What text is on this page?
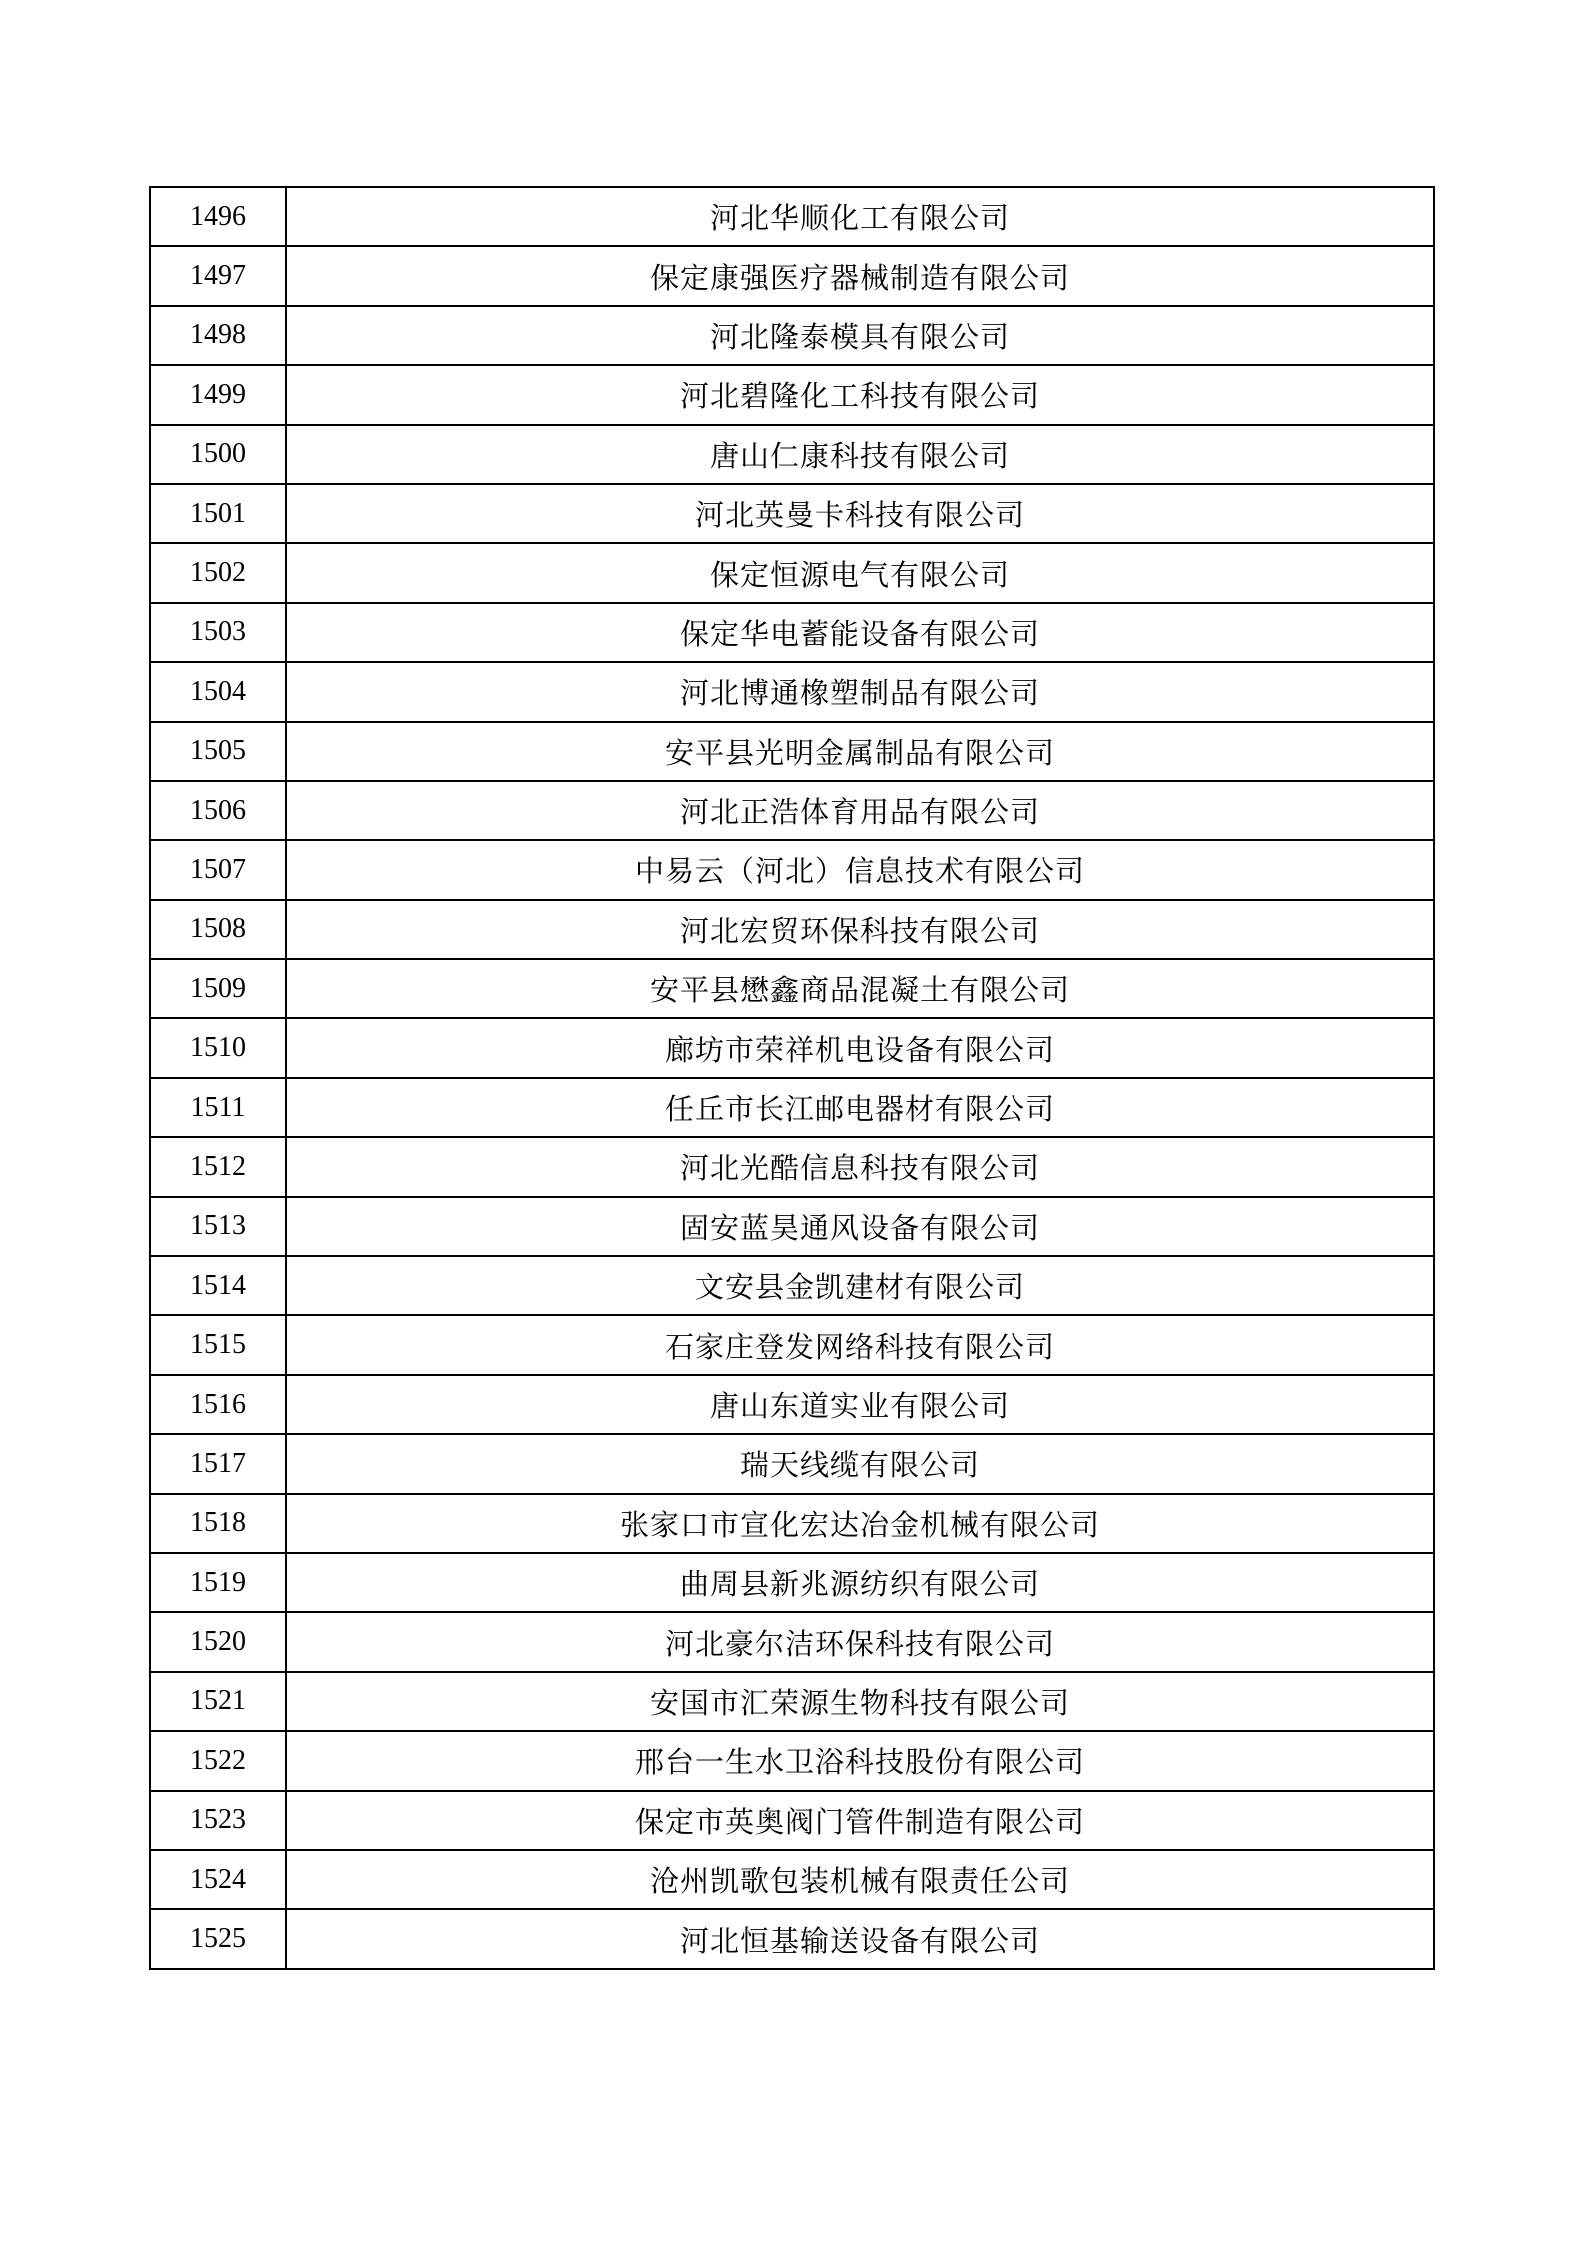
1496	河北华顺化工有限公司
1497	保定康强医疗器械制造有限公司
1498	河北隆泰模具有限公司
1499	河北碧隆化工科技有限公司
1500	唐山仁康科技有限公司
1501	河北英曼卡科技有限公司
1502	保定恒源电气有限公司
1503	保定华电蓄能设备有限公司
1504	河北博通橡塑制品有限公司
1505	安平县光明金属制品有限公司
1506	河北正浩体育用品有限公司
1507	中易云（河北）信息技术有限公司
1508	河北宏贸环保科技有限公司
1509	安平县懋鑫商品混凝土有限公司
1510	廊坊市荣祥机电设备有限公司
1511	任丘市长江邮电器材有限公司
1512	河北光酷信息科技有限公司
1513	固安蓝昊通风设备有限公司
1514	文安县金凯建材有限公司
1515	石家庄登发网络科技有限公司
1516	唐山东道实业有限公司
1517	瑞天线缆有限公司
1518	张家口市宣化宏达冶金机械有限公司
1519	曲周县新兆源纺织有限公司
1520	河北豪尔洁环保科技有限公司
1521	安国市汇荣源生物科技有限公司
1522	邢台一生水卫浴科技股份有限公司
1523	保定市英奥阀门管件制造有限公司
1524	沧州凯歌包装机械有限责任公司
1525	河北恒基输送设备有限公司
